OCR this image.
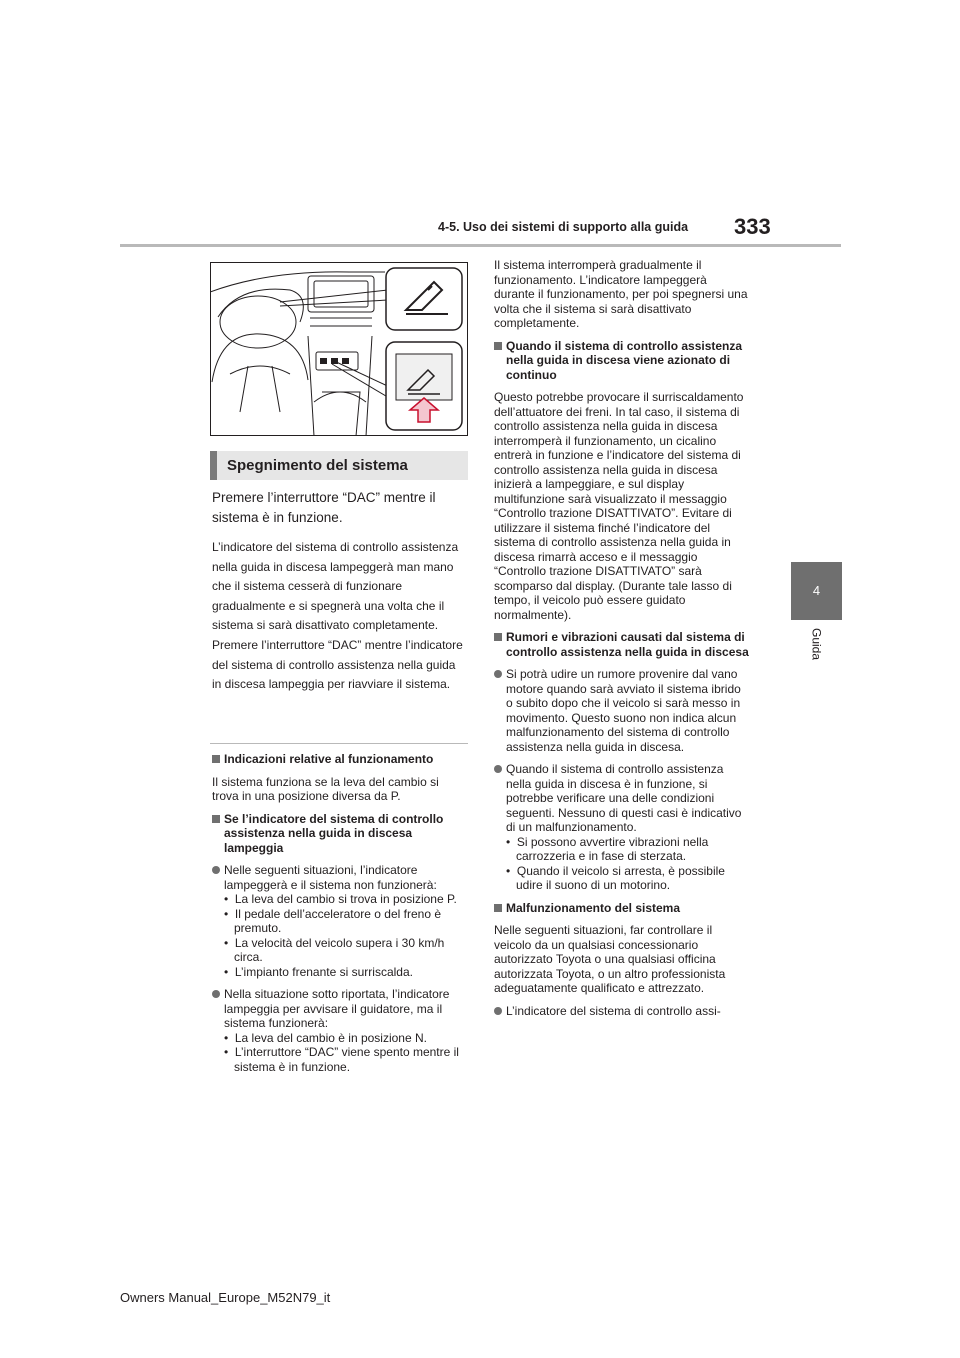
333
4-5. Uso dei sistemi di supporto alla guida
4
Guida
Spegnimento del sistema
Premere l’interruttore “DAC” mentre il sistema è in funzione.
L’indicatore del sistema di controllo assistenza nella guida in discesa lampeggerà man mano che il sistema cesserà di funzionare gradualmente e si spegnerà una volta che il sistema si sarà disattivato completamente.
Premere l’interruttore “DAC” mentre l’indicatore del sistema di controllo assistenza nella guida in discesa lampeggia per riavviare il sistema.
Indicazioni relative al funzionamento

Il sistema funziona se la leva del cambio si trova in una posizione diversa da P.

Se l’indicatore del sistema di controllo assistenza nella guida in discesa lampeggia
Nelle seguenti situazioni, l’indicatore lampeggerà e il sistema non funzionerà:
•  La leva del cambio si trova in posizione P.
•  Il pedale dell’acceleratore o del freno è premuto.
•  La velocità del veicolo supera i 30 km/h circa.
•  L’impianto frenante si surriscalda.
Nella situazione sotto riportata, l’indicatore lampeggia per avvisare il guidatore, ma il sistema funzionerà:
•  La leva del cambio è in posizione N.
•  L’interruttore “DAC” viene spento mentre il sistema è in funzione.

Il sistema interromperà gradualmente il funzionamento. L’indicatore lampeggerà durante il funzionamento, per poi spegnersi una volta che il sistema si sarà disattivato completamente.

Quando il sistema di controllo assistenza nella guida in discesa viene azionato di continuo

Questo potrebbe provocare il surriscaldamento dell’attuatore dei freni. In tal caso, il sistema di controllo assistenza nella guida in discesa interromperà il funzionamento, un cicalino entrerà in funzione e l’indicatore del sistema di controllo assistenza nella guida in discesa inizierà a lampeggiare, e sul display multifunzione sarà visualizzato il messaggio “Controllo trazione DISATTIVATO”. Evitare di utilizzare il sistema finché l’indicatore del sistema di controllo assistenza nella guida in discesa rimarrà acceso e il messaggio “Controllo trazione DISATTIVATO” sarà scomparso dal display. (Durante tale lasso di tempo, il veicolo può essere guidato normalmente).

Rumori e vibrazioni causati dal sistema di controllo assistenza nella guida in discesa
Si potrà udire un rumore provenire dal vano motore quando sarà avviato il sistema ibrido o subito dopo che il veicolo si sarà messo in movimento. Questo suono non indica alcun malfunzionamento del sistema di controllo assistenza nella guida in discesa.
Quando il sistema di controllo assistenza nella guida in discesa è in funzione, si potrebbe verificare una delle condizioni seguenti. Nessuno di questi casi è indicativo di un malfunzionamento.
•  Si possono avvertire vibrazioni nella carrozzeria e in fase di sterzata.
•  Quando il veicolo si arresta, è possibile udire il suono di un motorino.
Malfunzionamento del sistema

Nelle seguenti situazioni, far controllare il veicolo da un qualsiasi concessionario autorizzato Toyota o una qualsiasi officina autorizzata Toyota, o un altro professionista adeguatamente qualificato e attrezzato.

L’indicatore del sistema di controllo assi-
Owners Manual_Europe_M52N79_it
